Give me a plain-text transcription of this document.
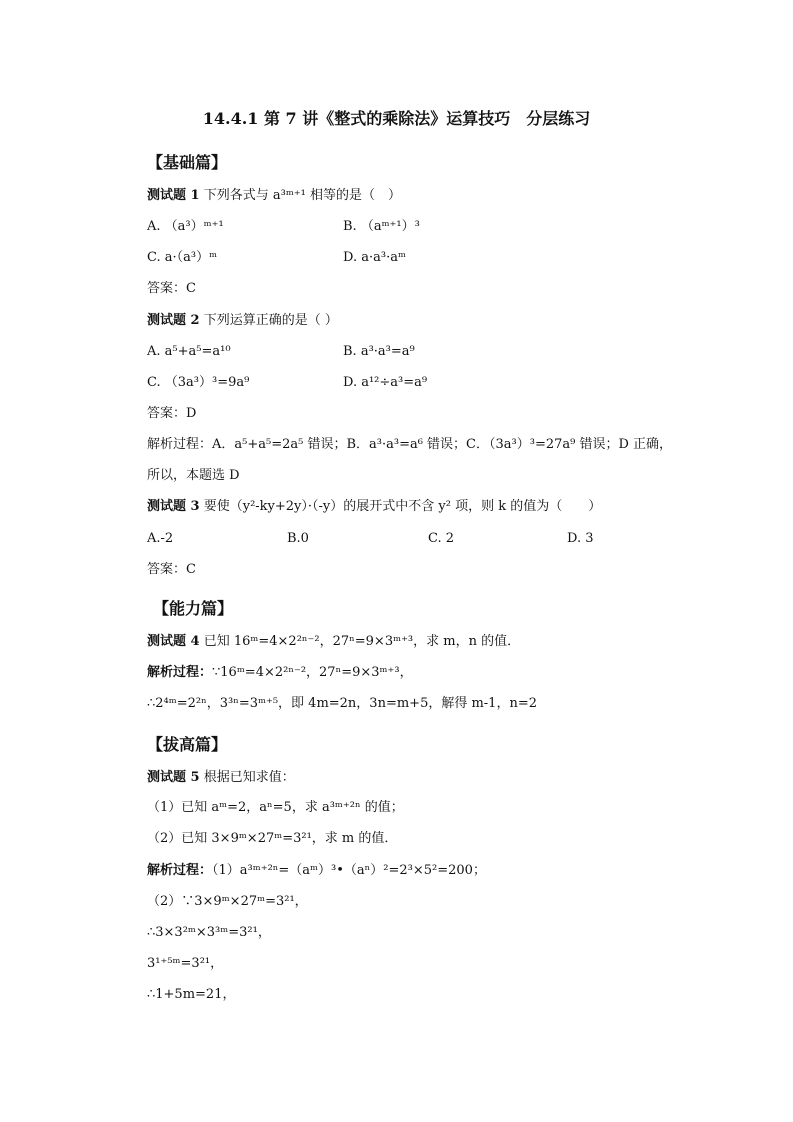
14.4.1 第 7 讲《整式的乘除法》运算技巧　分层练习
【基础篇】
测试题 1 下列各式与 a³ᵐ⁺¹ 相等的是（　）
A. （a³）ᵐ⁺¹	B. （aᵐ⁺¹）³
C. a·（a³）ᵐ	D. a·a³·aᵐ
答案：C
测试题 2 下列运算正确的是（ ）
A. a⁵+a⁵=a¹⁰	B. a³·a³=a⁹
C. （3a³）³=9a⁹	D. a¹²÷a³=a⁹
答案：D
解析过程：A．a⁵+a⁵=2a⁵ 错误；B．a³·a³=a⁶ 错误；C．（3a³）³=27a⁹ 错误；D 正确，
所以，本题选 D
测试题 3 要使（y²-ky+2y）·（-y）的展开式中不含 y² 项，则 k 的值为（　　）
A.-2	B.0	C. 2	D. 3
答案：C
【能力篇】
测试题 4 已知 16ᵐ=4×2²ⁿ⁻²，27ⁿ=9×3ᵐ⁺³，求 m，n 的值．
解析过程：∵16ᵐ=4×2²ⁿ⁻²，27ⁿ=9×3ᵐ⁺³，
∴2⁴ᵐ=2²ⁿ，3³ⁿ=3ᵐ⁺⁵，即 4m=2n，3n=m+5，解得 m-1，n=2
【拔高篇】
测试题 5 根据已知求值：
（1）已知 aᵐ=2，aⁿ=5，求 a³ᵐ⁺²ⁿ 的值；
（2）已知 3×9ᵐ×27ᵐ=3²¹，求 m 的值．
解析过程：（1）a³ᵐ⁺²ⁿ=（aᵐ）³•（aⁿ）²=2³×5²=200；
（2）∵3×9ᵐ×27ᵐ=3²¹，
∴3×3²ᵐ×3³ᵐ=3²¹，
3¹⁺⁵ᵐ=3²¹，
∴1+5m=21，
